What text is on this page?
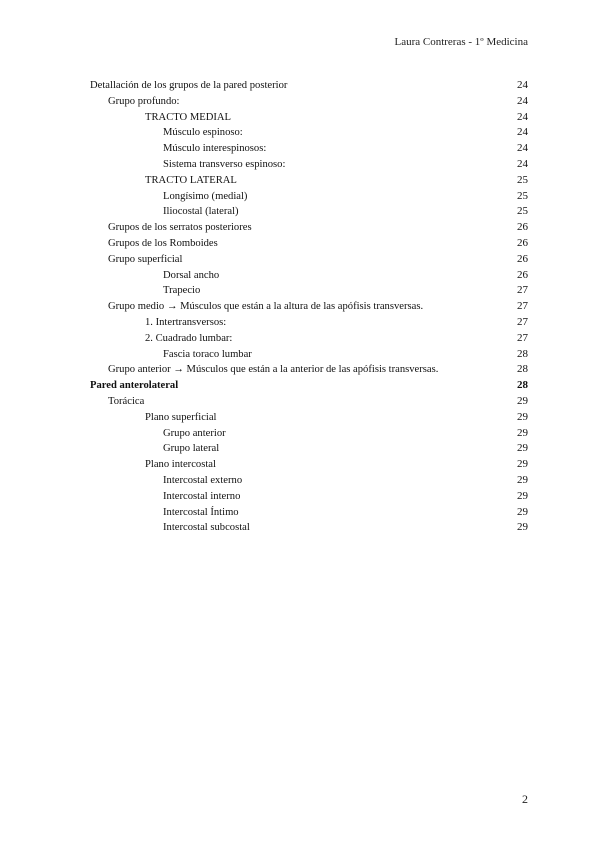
Laura Contreras - 1º Medicina
Detallación de los grupos de la pared posterior	24
Grupo profundo:	24
TRACTO MEDIAL	24
Músculo espinoso:	24
Músculo interespinosos:	24
Sistema transverso espinoso:	24
TRACTO LATERAL	25
Longísimo (medial)	25
Iliocostal (lateral)	25
Grupos de los serratos posteriores	26
Grupos de los Romboides	26
Grupo superficial	26
Dorsal ancho	26
Trapecio	27
Grupo medio → Músculos que están a la altura de las apófisis transversas.	27
1. Intertransversos:	27
2. Cuadrado lumbar:	27
Fascia toraco lumbar	28
Grupo anterior → Músculos que están a la anterior de las apófisis transversas.	28
Pared anterolateral	28
Torácica	29
Plano superficial	29
Grupo anterior	29
Grupo lateral	29
Plano intercostal	29
Intercostal externo	29
Intercostal interno	29
Intercostal Íntimo	29
Intercostal subcostal	29
2
